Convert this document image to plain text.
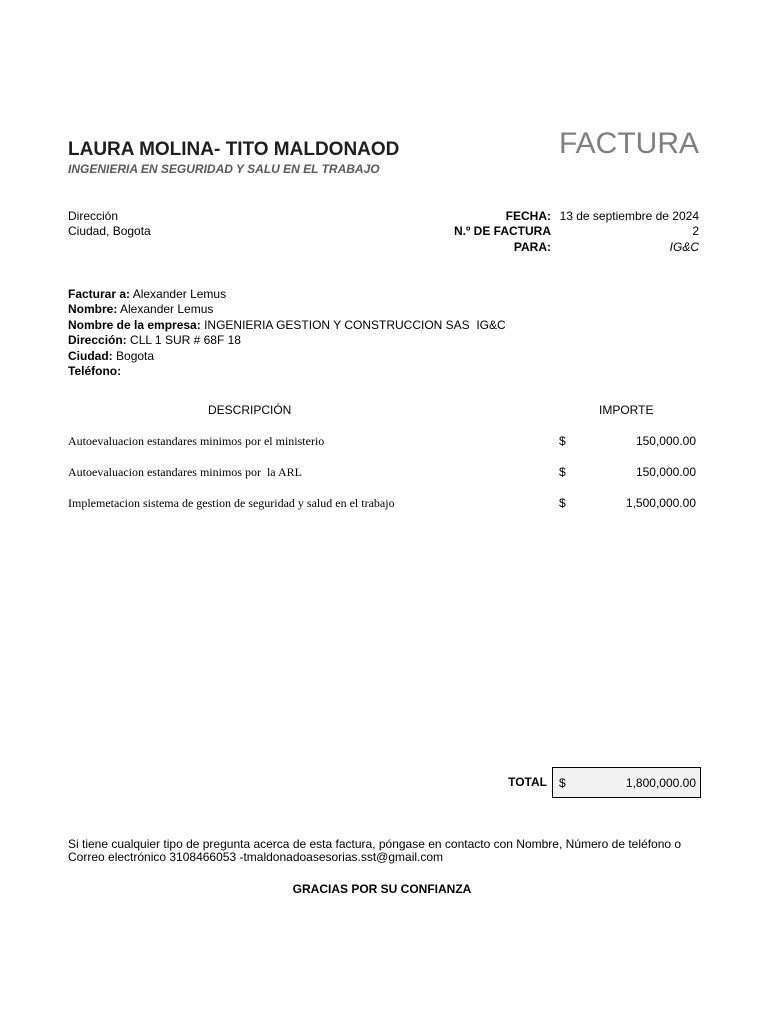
LAURA MOLINA- TITO MALDONAOD
INGENIERIA EN SEGURIDAD Y SALU EN EL TRABAJO
FACTURA
Dirección
Ciudad, Bogota
FECHA: 13 de septiembre de 2024
N.º DE FACTURA	2
PARA:	IG&C
Facturar a: Alexander Lemus
Nombre: Alexander Lemus
Nombre de la empresa: INGENIERIA GESTION Y CONSTRUCCION SAS  IG&C
Dirección: CLL 1 SUR # 68F 18
Ciudad: Bogota
Teléfono:
DESCRIPCIÓN	IMPORTE
Autoevaluacion estandares minimos por el ministerio	$	150,000.00
Autoevaluacion estandares minimos por  la ARL	$	150,000.00
Implemetacion sistema de gestion de seguridad y salud en el trabajo	$	1,500,000.00
TOTAL $	1,800,000.00
Si tiene cualquier tipo de pregunta acerca de esta factura, póngase en contacto con Nombre, Número de teléfono o Correo electrónico 3108466053 -tmaldonadoasesorias.sst@gmail.com
GRACIAS POR SU CONFIANZA
